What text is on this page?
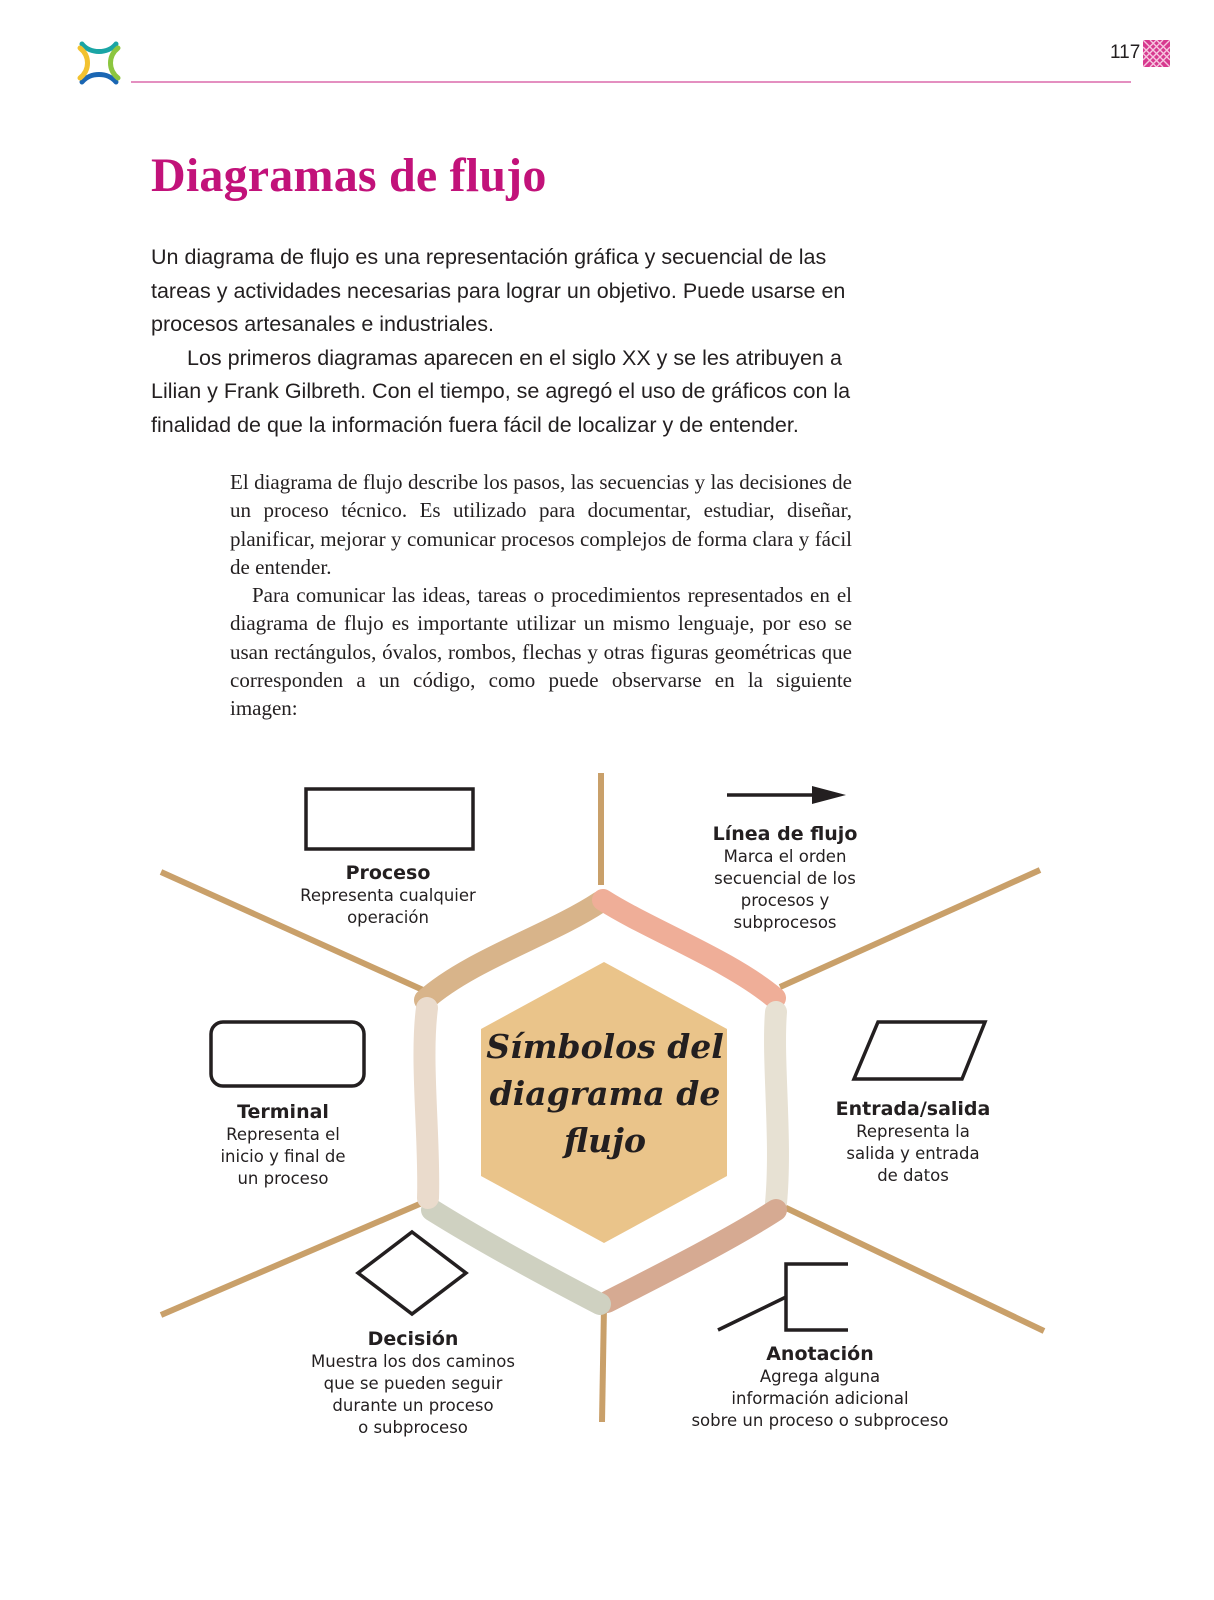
117
Diagramas de flujo

Un diagrama de flujo es una representación gráfica y secuencial de las tareas y actividades necesarias para lograr un objetivo. Puede usarse en procesos artesanales e industriales.

Los primeros diagramas aparecen en el siglo XX y se les atribuyen a Lilian y Frank Gilbreth. Con el tiempo, se agregó el uso de gráficos con la finalidad de que la información fuera fácil de localizar y de entender.

El diagrama de flujo describe los pasos, las secuencias y las decisiones de un proceso técnico. Es utilizado para documentar, estudiar, diseñar, planificar, mejorar y comunicar procesos complejos de forma clara y fácil de entender.

Para comunicar las ideas, tareas o procedimientos representados en el diagrama de flujo es importante utilizar un mismo lenguaje, por eso se usan rectángulos, óvalos, rombos, flechas y otras figuras geométricas que corresponden a un código, como puede observarse en la siguiente imagen:

Símbolos del
diagrama de
flujo
Proceso
Representa cualquier
operación
Línea de flujo
Marca el orden
secuencial de los
procesos y
subprocesos
Terminal
Representa el
inicio y final de
un proceso
Entrada/salida
Representa la
salida y entrada
de datos
Decisión
Muestra los dos caminos
que se pueden seguir
durante un proceso
o subproceso
Anotación
Agrega alguna
información adicional
sobre un proceso o subproceso
